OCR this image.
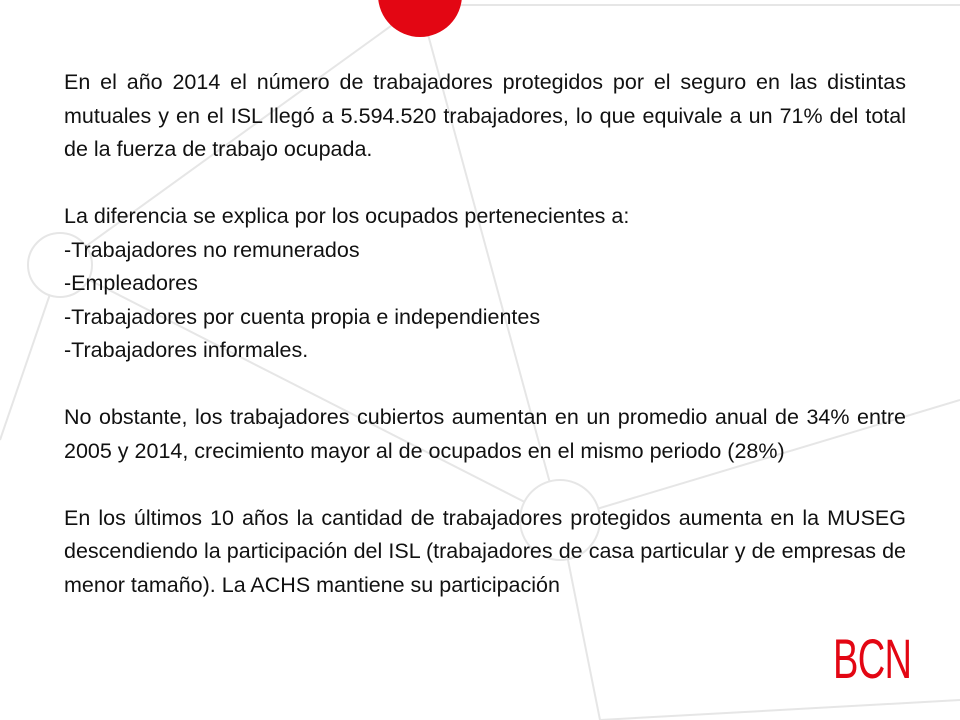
En el año 2014 el número de trabajadores protegidos por el seguro en las distintas mutuales y en el ISL llegó a 5.594.520 trabajadores, lo que equivale a un 71% del total de la fuerza de trabajo ocupada.

La diferencia se explica por los ocupados pertenecientes a:

-Trabajadores no remunerados
-Empleadores
-Trabajadores por cuenta propia e independientes
-Trabajadores informales.

No obstante, los trabajadores cubiertos aumentan en un promedio anual de 34% entre 2005 y 2014, crecimiento mayor al de ocupados en el mismo periodo (28%)

En los últimos 10 años la cantidad de trabajadores protegidos aumenta en la MUSEG descendiendo la participación del ISL (trabajadores de casa particular y de empresas de menor tamaño). La ACHS mantiene su participación

BCN
